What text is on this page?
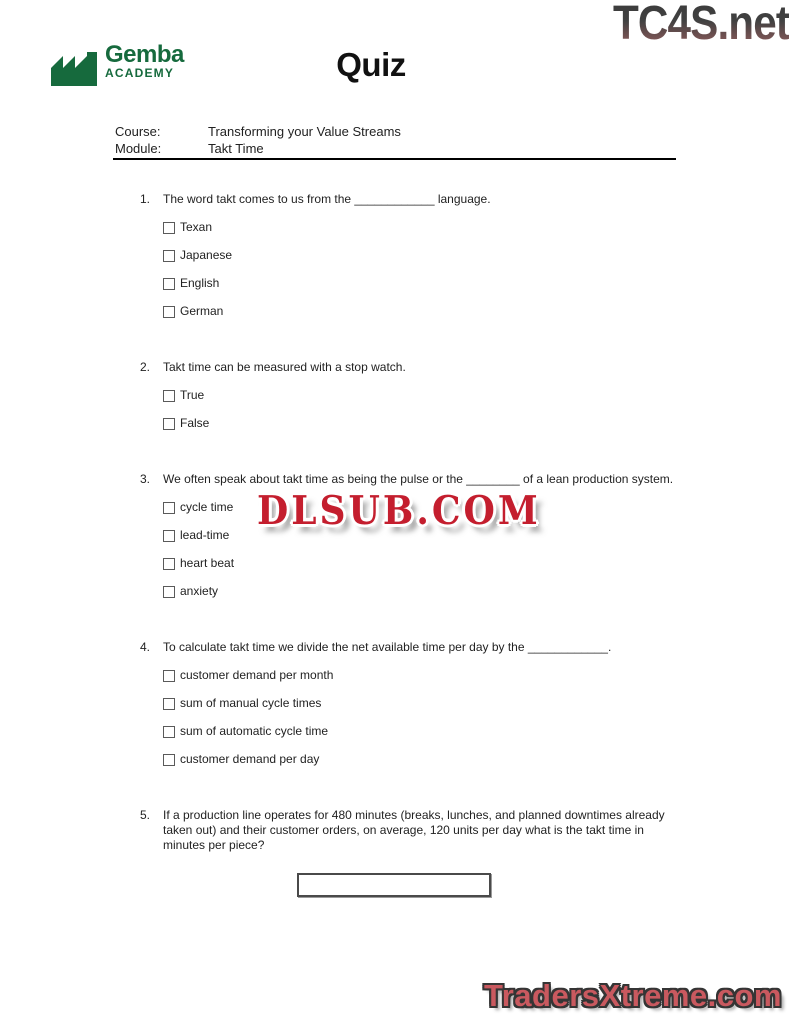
TC4S.net
Gemba
ACADEMY	Quiz
Course:	Transforming your Value Streams
Module:	Takt Time
1.	The word takt comes to us from the ____________ language.
Texan
Japanese
English
German
2.	Takt time can be measured with a stop watch.
True
False
3.	We often speak about takt time as being the pulse or the ________ of a lean production system.
cycle time
lead-time
heart beat
anxiety
4.	To calculate takt time we divide the net available time per day by the ____________.
customer demand per month
sum of manual cycle times
sum of automatic cycle time
customer demand per day
5.	If a production line operates for 480 minutes (breaks, lunches, and planned downtimes already taken out) and their customer orders, on average, 120 units per day what is the takt time in minutes per piece?
DLSUB.COM
TradersXtreme.com
